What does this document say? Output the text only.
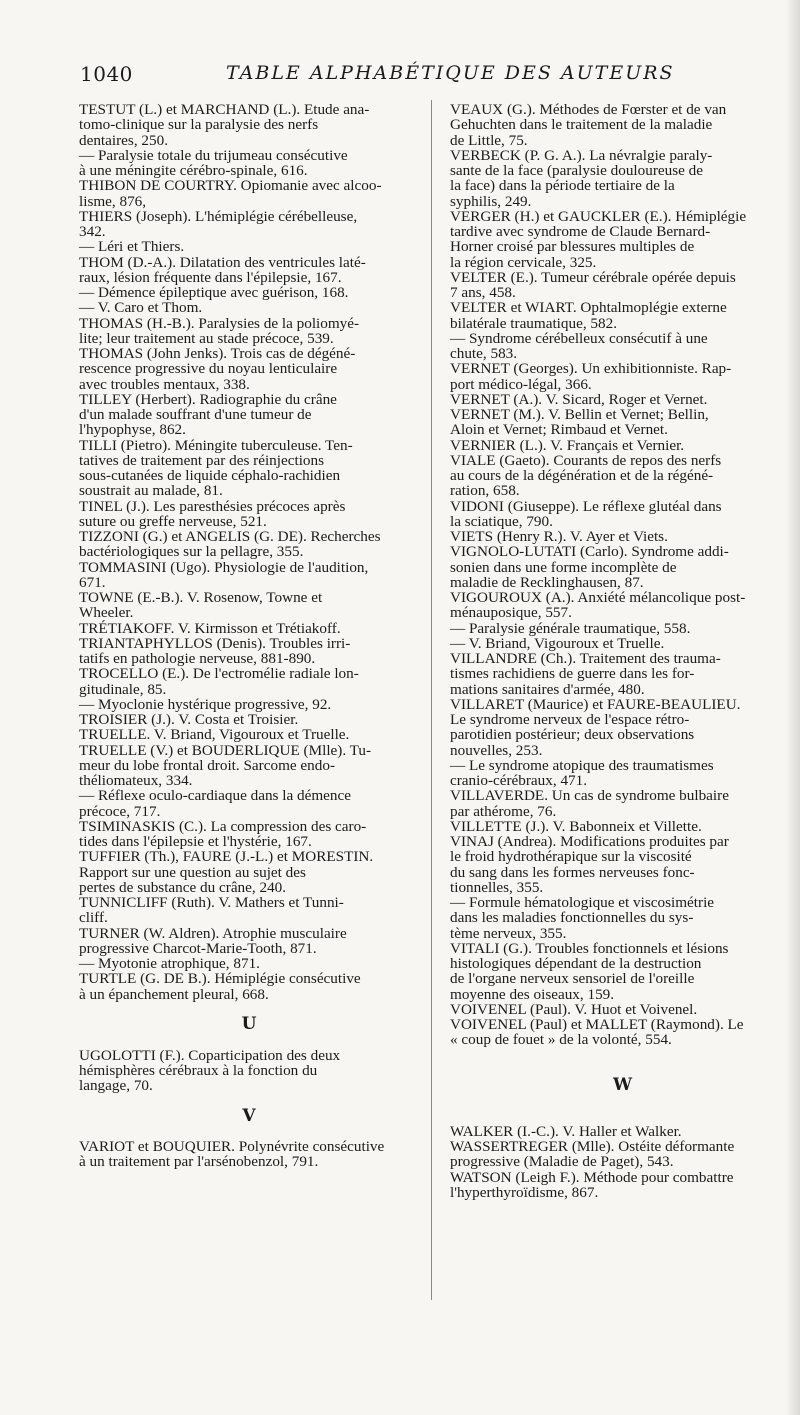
1040	TABLE ALPHABÉTIQUE DES AUTEURS
TESTUT (L.) et MARCHAND (L.). Etude ana-
tomo-clinique sur la paralysie des nerfs
dentaires, 250.
— Paralysie totale du trijumeau consécutive
à une méningite cérébro-spinale, 616.
THIBON DE COURTRY. Opiomanie avec alcoo-
lisme, 876,
THIERS (Joseph). L'hémiplégie cérébelleuse,
342.
— Léri et Thiers.
THOM (D.-A.). Dilatation des ventricules laté-
raux, lésion fréquente dans l'épilepsie, 167.
— Démence épileptique avec guérison, 168.
— V. Caro et Thom.
THOMAS (H.-B.). Paralysies de la poliomyé-
lite; leur traitement au stade précoce, 539.
THOMAS (John Jenks). Trois cas de dégéné-
rescence progressive du noyau lenticulaire
avec troubles mentaux, 338.
TILLEY (Herbert). Radiographie du crâne
d'un malade souffrant d'une tumeur de
l'hypophyse, 862.
TILLI (Pietro). Méningite tuberculeuse. Ten-
tatives de traitement par des réinjections
sous-cutanées de liquide céphalo-rachidien
soustrait au malade, 81.
TINEL (J.). Les paresthésies précoces après
suture ou greffe nerveuse, 521.
TIZZONI (G.) et ANGELIS (G. DE). Recherches
bactériologiques sur la pellagre, 355.
TOMMASINI (Ugo). Physiologie de l'audition,
671.
TOWNE (E.-B.). V. Rosenow, Towne et
Wheeler.
TRÉTIAKOFF. V. Kirmisson et Trétiakoff.
TRIANTAPHYLLOS (Denis). Troubles irri-
tatifs en pathologie nerveuse, 881-890.
TROCELLO (E.). De l'ectromélie radiale lon-
gitudinale, 85.
— Myoclonie hystérique progressive, 92.
TROISIER (J.). V. Costa et Troisier.
TRUELLE. V. Briand, Vigouroux et Truelle.
TRUELLE (V.) et BOUDERLIQUE (Mlle). Tu-
meur du lobe frontal droit. Sarcome endo-
théliomateux, 334.
— Réflexe oculo-cardiaque dans la démence
précoce, 717.
TSIMINASKIS (C.). La compression des caro-
tides dans l'épilepsie et l'hystérie, 167.
TUFFIER (Th.), FAURE (J.-L.) et MORESTIN.
Rapport sur une question au sujet des
pertes de substance du crâne, 240.
TUNNICLIFF (Ruth). V. Mathers et Tunni-
cliff.
TURNER (W. Aldren). Atrophie musculaire
progressive Charcot-Marie-Tooth, 871.
— Myotonie atrophique, 871.
TURTLE (G. DE B.). Hémiplégie consécutive
à un épanchement pleural, 668.
U
UGOLOTTI (F.). Coparticipation des deux
hémisphères cérébraux à la fonction du
langage, 70.
V
VARIOT et BOUQUIER. Polynévrite consécutive
à un traitement par l'arsénobenzol, 791.
VEAUX (G.). Méthodes de Fœrster et de van
Gehuchten dans le traitement de la maladie
de Little, 75.
VERBECK (P. G. A.). La névralgie paraly-
sante de la face (paralysie douloureuse de
la face) dans la période tertiaire de la
syphilis, 249.
VERGER (H.) et GAUCKLER (E.). Hémiplégie
tardive avec syndrome de Claude Bernard-
Horner croisé par blessures multiples de
la région cervicale, 325.
VELTER (E.). Tumeur cérébrale opérée depuis
7 ans, 458.
VELTER et WIART. Ophtalmoplégie externe
bilatérale traumatique, 582.
— Syndrome cérébelleux consécutif à une
chute, 583.
VERNET (Georges). Un exhibitionniste. Rap-
port médico-légal, 366.
VERNET (A.). V. Sicard, Roger et Vernet.
VERNET (M.). V. Bellin et Vernet; Bellin,
Aloin et Vernet; Rimbaud et Vernet.
VERNIER (L.). V. Français et Vernier.
VIALE (Gaeto). Courants de repos des nerfs
au cours de la dégénération et de la régéné-
ration, 658.
VIDONI (Giuseppe). Le réflexe glutéal dans
la sciatique, 790.
VIETS (Henry R.). V. Ayer et Viets.
VIGNOLO-LUTATI (Carlo). Syndrome addi-
sonien dans une forme incomplète de
maladie de Recklinghausen, 87.
VIGOUROUX (A.). Anxiété mélancolique post-
ménauposique, 557.
— Paralysie générale traumatique, 558.
— V. Briand, Vigouroux et Truelle.
VILLANDRE (Ch.). Traitement des trauma-
tismes rachidiens de guerre dans les for-
mations sanitaires d'armée, 480.
VILLARET (Maurice) et FAURE-BEAULIEU.
Le syndrome nerveux de l'espace rétro-
parotidien postérieur; deux observations
nouvelles, 253.
— Le syndrome atopique des traumatismes
cranio-cérébraux, 471.
VILLAVERDE. Un cas de syndrome bulbaire
par athérome, 76.
VILLETTE (J.). V. Babonneix et Villette.
VINAJ (Andrea). Modifications produites par
le froid hydrothérapique sur la viscosité
du sang dans les formes nerveuses fonc-
tionnelles, 355.
— Formule hématologique et viscosimétrie
dans les maladies fonctionnelles du sys-
tème nerveux, 355.
VITALI (G.). Troubles fonctionnels et lésions
histologiques dépendant de la destruction
de l'organe nerveux sensoriel de l'oreille
moyenne des oiseaux, 159.
VOIVENEL (Paul). V. Huot et Voivenel.
VOIVENEL (Paul) et MALLET (Raymond). Le
« coup de fouet » de la volonté, 554.
W
WALKER (I.-C.). V. Haller et Walker.
WASSERTREGER (Mlle). Ostéite déformante
progressive (Maladie de Paget), 543.
WATSON (Leigh F.). Méthode pour combattre
l'hyperthyroïdisme, 867.
